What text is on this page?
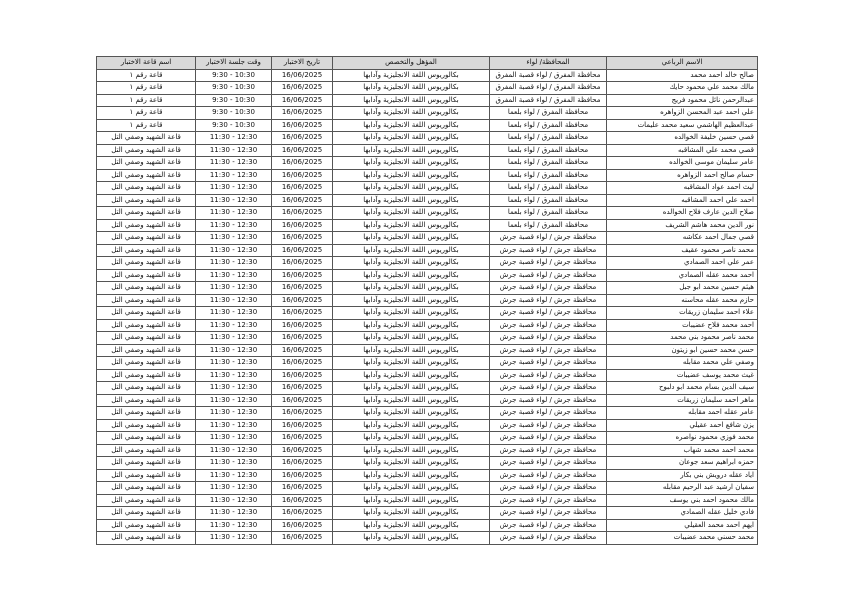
الاسم الرباعي	المحافظة/ لواء	المؤهل والتخصص	تاريخ الاختبار	وقت جلسة الاختبار	اسم قاعة الاختبار
صالح خالد احمد محمد	محافظة المفرق / لواء قصبة المفرق	بكالوريوس اللغة الانجليزية وآدابها	16/06/2025	9:30 - 10:30	قاعة رقم ١
مالك محمد علي محمود حايك	محافظة المفرق / لواء قصبة المفرق	بكالوريوس اللغة الانجليزية وآدابها	16/06/2025	9:30 - 10:30	قاعة رقم ١
عبدالرحمن نائل محمود فريج	محافظة المفرق / لواء قصبة المفرق	بكالوريوس اللغة الانجليزية وآدابها	16/06/2025	9:30 - 10:30	قاعة رقم ١
علي احمد عبد المحسن الزواهره	محافظة المفرق / لواء بلعما	بكالوريوس اللغة الانجليزية وآدابها	16/06/2025	9:30 - 10:30	قاعة رقم ١
عبدالعظيم الهاشمي سعيد محمد عليمات	محافظة المفرق / لواء بلعما	بكالوريوس اللغة الانجليزية وآدابها	16/06/2025	9:30 - 10:30	قاعة رقم ١
قصي حسين خليفة الخوالده	محافظة المفرق / لواء بلعما	بكالوريوس اللغة الانجليزية وآدابها	16/06/2025	11:30 - 12:30	قاعة الشهيد وصفي التل
قصي محمد علي المشاقبه	محافظة المفرق / لواء بلعما	بكالوريوس اللغة الانجليزية وآدابها	16/06/2025	11:30 - 12:30	قاعة الشهيد وصفي التل
عامر سليمان موسى الخوالده	محافظة المفرق / لواء بلعما	بكالوريوس اللغة الانجليزية وآدابها	16/06/2025	11:30 - 12:30	قاعة الشهيد وصفي التل
حسام صالح احمد الزواهره	محافظة المفرق / لواء بلعما	بكالوريوس اللغة الانجليزية وآدابها	16/06/2025	11:30 - 12:30	قاعة الشهيد وصفي التل
ليث احمد عواد المشاقبه	محافظة المفرق / لواء بلعما	بكالوريوس اللغة الانجليزية وآدابها	16/06/2025	11:30 - 12:30	قاعة الشهيد وصفي التل
احمد علي احمد المشاقبه	محافظة المفرق / لواء بلعما	بكالوريوس اللغة الانجليزية وآدابها	16/06/2025	11:30 - 12:30	قاعة الشهيد وصفي التل
صلاح الدين عارف فلاح الخوالده	محافظة المفرق / لواء بلعما	بكالوريوس اللغة الانجليزية وآدابها	16/06/2025	11:30 - 12:30	قاعة الشهيد وصفي التل
نور الدين محمد هاشم الشريف	محافظة المفرق / لواء بلعما	بكالوريوس اللغة الانجليزية وآدابها	16/06/2025	11:30 - 12:30	قاعة الشهيد وصفي التل
قصي جمال احمد عكاشه	محافظة جرش / لواء قصبة جرش	بكالوريوس اللغة الانجليزية وآدابها	16/06/2025	11:30 - 12:30	قاعة الشهيد وصفي التل
محمد ناصر محمود عقيف	محافظة جرش / لواء قصبة جرش	بكالوريوس اللغة الانجليزية وآدابها	16/06/2025	11:30 - 12:30	قاعة الشهيد وصفي التل
عمر علي احمد الصمادي	محافظة جرش / لواء قصبة جرش	بكالوريوس اللغة الانجليزية وآدابها	16/06/2025	11:30 - 12:30	قاعة الشهيد وصفي التل
احمد محمد عقله الصمادي	محافظة جرش / لواء قصبة جرش	بكالوريوس اللغة الانجليزية وآدابها	16/06/2025	11:30 - 12:30	قاعة الشهيد وصفي التل
هيثم حسين محمد ابو جبل	محافظة جرش / لواء قصبة جرش	بكالوريوس اللغة الانجليزية وآدابها	16/06/2025	11:30 - 12:30	قاعة الشهيد وصفي التل
حازم محمد عقله محاسنه	محافظة جرش / لواء قصبة جرش	بكالوريوس اللغة الانجليزية وآدابها	16/06/2025	11:30 - 12:30	قاعة الشهيد وصفي التل
علاء احمد سليمان زريقات	محافظة جرش / لواء قصبة جرش	بكالوريوس اللغة الانجليزية وآدابها	16/06/2025	11:30 - 12:30	قاعة الشهيد وصفي التل
احمد محمد فلاح عضيبات	محافظة جرش / لواء قصبة جرش	بكالوريوس اللغة الانجليزية وآدابها	16/06/2025	11:30 - 12:30	قاعة الشهيد وصفي التل
محمد ناصر محمود بني محمد	محافظة جرش / لواء قصبة جرش	بكالوريوس اللغة الانجليزية وآدابها	16/06/2025	11:30 - 12:30	قاعة الشهيد وصفي التل
حسن محمد حسين ابو زيتون	محافظة جرش / لواء قصبة جرش	بكالوريوس اللغة الانجليزية وآدابها	16/06/2025	11:30 - 12:30	قاعة الشهيد وصفي التل
وصفي علي محمد مقابله	محافظة جرش / لواء قصبة جرش	بكالوريوس اللغة الانجليزية وآدابها	16/06/2025	11:30 - 12:30	قاعة الشهيد وصفي التل
غيث محمد يوسف عضيبات	محافظة جرش / لواء قصبة جرش	بكالوريوس اللغة الانجليزية وآدابها	16/06/2025	11:30 - 12:30	قاعة الشهيد وصفي التل
سيف الدين بسام محمد ابو دلبوح	محافظة جرش / لواء قصبة جرش	بكالوريوس اللغة الانجليزية وآدابها	16/06/2025	11:30 - 12:30	قاعة الشهيد وصفي التل
ماهر احمد سليمان زريقات	محافظة جرش / لواء قصبة جرش	بكالوريوس اللغة الانجليزية وآدابها	16/06/2025	11:30 - 12:30	قاعة الشهيد وصفي التل
عامر عقله احمد مقابله	محافظة جرش / لواء قصبة جرش	بكالوريوس اللغة الانجليزية وآدابها	16/06/2025	11:30 - 12:30	قاعة الشهيد وصفي التل
يزن شافع احمد عقيلي	محافظة جرش / لواء قصبة جرش	بكالوريوس اللغة الانجليزية وآدابها	16/06/2025	11:30 - 12:30	قاعة الشهيد وصفي التل
محمد فوزي محمود نواصره	محافظة جرش / لواء قصبة جرش	بكالوريوس اللغة الانجليزية وآدابها	16/06/2025	11:30 - 12:30	قاعة الشهيد وصفي التل
محمد احمد محمد شهاب	محافظة جرش / لواء قصبة جرش	بكالوريوس اللغة الانجليزية وآدابها	16/06/2025	11:30 - 12:30	قاعة الشهيد وصفي التل
حمزه ابراهيم سعد جوعان	محافظة جرش / لواء قصبة جرش	بكالوريوس اللغة الانجليزية وآدابها	16/06/2025	11:30 - 12:30	قاعة الشهيد وصفي التل
اياد عقله درويش بني بكار	محافظة جرش / لواء قصبة جرش	بكالوريوس اللغة الانجليزية وآدابها	16/06/2025	11:30 - 12:30	قاعة الشهيد وصفي التل
سفيان ارشيد عبد الرحيم مقابله	محافظة جرش / لواء قصبة جرش	بكالوريوس اللغة الانجليزية وآدابها	16/06/2025	11:30 - 12:30	قاعة الشهيد وصفي التل
مالك محمود احمد بني يوسف	محافظة جرش / لواء قصبة جرش	بكالوريوس اللغة الانجليزية وآدابها	16/06/2025	11:30 - 12:30	قاعة الشهيد وصفي التل
فادي خليل عقله الصمادي	محافظة جرش / لواء قصبة جرش	بكالوريوس اللغة الانجليزية وآدابها	16/06/2025	11:30 - 12:30	قاعة الشهيد وصفي التل
ايهم احمد محمد العقيلي	محافظة جرش / لواء قصبة جرش	بكالوريوس اللغة الانجليزية وآدابها	16/06/2025	11:30 - 12:30	قاعة الشهيد وصفي التل
محمد حسني محمد عضيبات	محافظة جرش / لواء قصبة جرش	بكالوريوس اللغة الانجليزية وآدابها	16/06/2025	11:30 - 12:30	قاعة الشهيد وصفي التل
